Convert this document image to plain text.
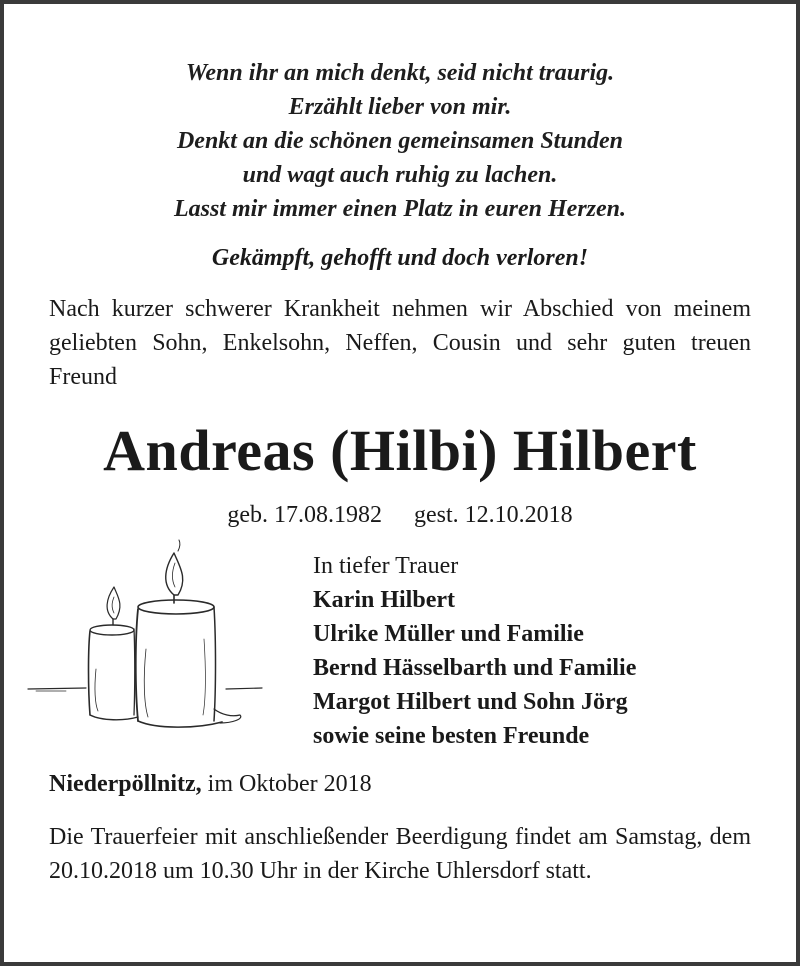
Wenn ihr an mich denkt, seid nicht traurig.
Erzählt lieber von mir.
Denkt an die schönen gemeinsamen Stunden
und wagt auch ruhig zu lachen.
Lasst mir immer einen Platz in euren Herzen.
Gekämpft, gehofft und doch verloren!
Nach kurzer schwerer Krankheit nehmen wir Abschied von meinem geliebten Sohn, Enkelsohn, Neffen, Cousin und sehr guten treuen Freund
Andreas (Hilbi) Hilbert
geb. 17.08.1982 gest. 12.10.2018
In tiefer Trauer
Karin Hilbert
Ulrike Müller und Familie
Bernd Hässelbarth und Familie
Margot Hilbert und Sohn Jörg
sowie seine besten Freunde
Niederpöllnitz, im Oktober 2018
Die Trauerfeier mit anschließender Beerdigung findet am Samstag, dem 20.10.2018 um 10.30 Uhr in der Kirche Uhlersdorf statt.
